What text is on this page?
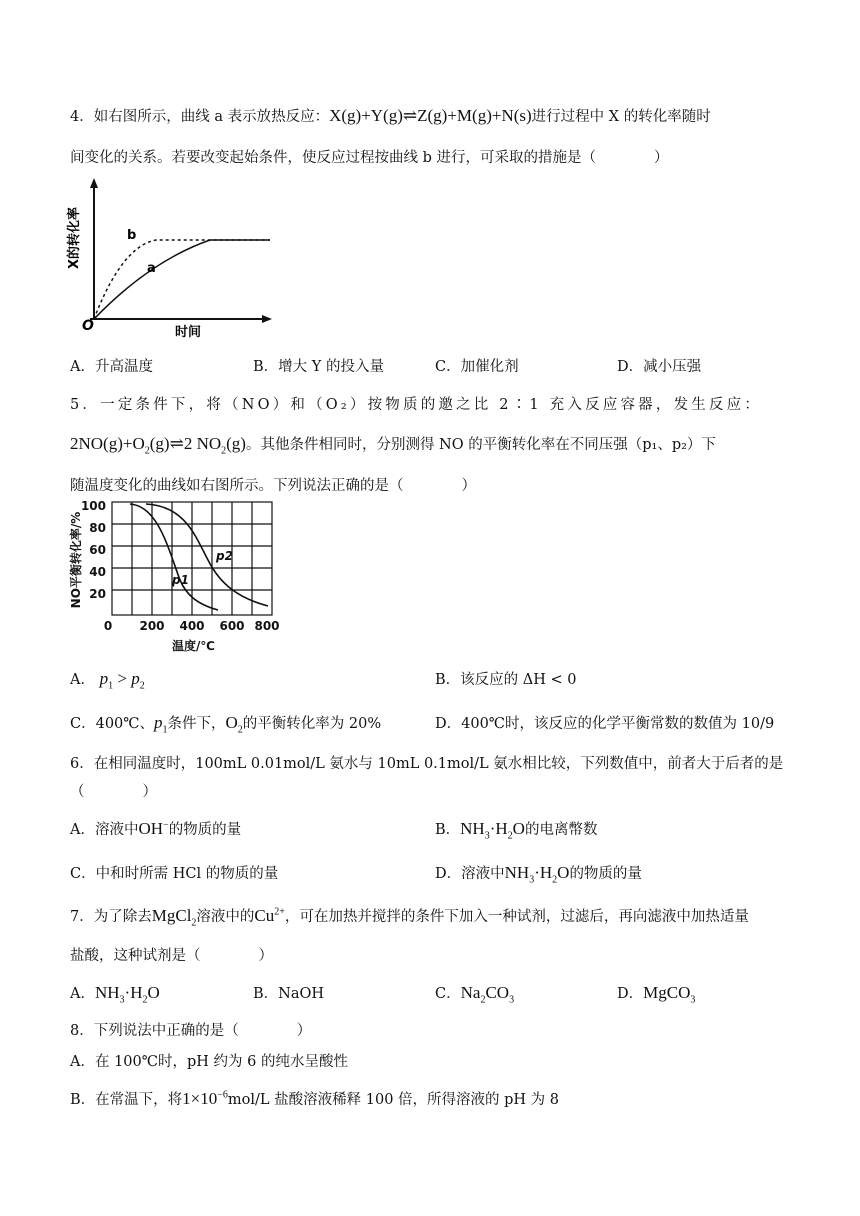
4．如右图所示，曲线 a 表示放热反应：X(g)+Y(g)⇌Z(g)+M(g)+N(s)进行过程中 X 的转化率随时
间变化的关系。若要改变起始条件，使反应过程按曲线 b 进行，可采取的措施是（　　　　）
X的转化率
时间
O
b
a
A．升高温度	B．增大 Y 的投入量	C．加催化剂	D．减小压强
5．一定条件下，将（NO）和（O₂）按物质的邀之比 2∶1 充入反应容器，发生反应：
$2NO(g)+O_2(g)\rightleftharpoons 2$ $NO_2(g)$。其他条件相同时，分别测得 NO 的平衡转化率在不同压强（p₁、p₂）下
随温度变化的曲线如右图所示。下列说法正确的是（　　　　）
100
80
60
40
20
0 200 400 600 800
温度/℃
NO平衡转化率/%	p2
p1
A． $p_1 > p_2$	B．该反应的 ΔH < 0
C．400℃、$p_1$条件下，$O_2$的平衡转化率为 20%	D．400℃时，该反应的化学平衡常数的数值为 10/9
6．在相同温度时，100mL 0.01mol/L 氨水与 10mL 0.1mol/L 氨水相比较，下列数值中，前者大于后者的是
（　　　　）
A．溶液中OH−的物质的量	B．$NH_3\cdot H_2O$的电离幣数
C．中和时所需 HCl 的物质的量	D．溶液中$NH_3\cdot H_2O$的物质的量
7．为了除去MgCl$_2$溶液中的$Cu^{2+}$，可在加热并搅拌的条件下加入一种试剂，过滤后，再向滤液中加热适量
盐酸，这种试剂是（　　　　）
A．$NH_3\cdot H_2O$	B．NaOH	C．$Na_2CO_3$	D．MgCO$_3$
8．下列说法中正确的是（　　　　）
A．在 100℃时，pH 约为 6 的纯水呈酸性
B．在常温下，将$1\times 10^{-6}mol/L$ 盐酸溶液稀释 100 倍，所得溶液的 pH 为 8
